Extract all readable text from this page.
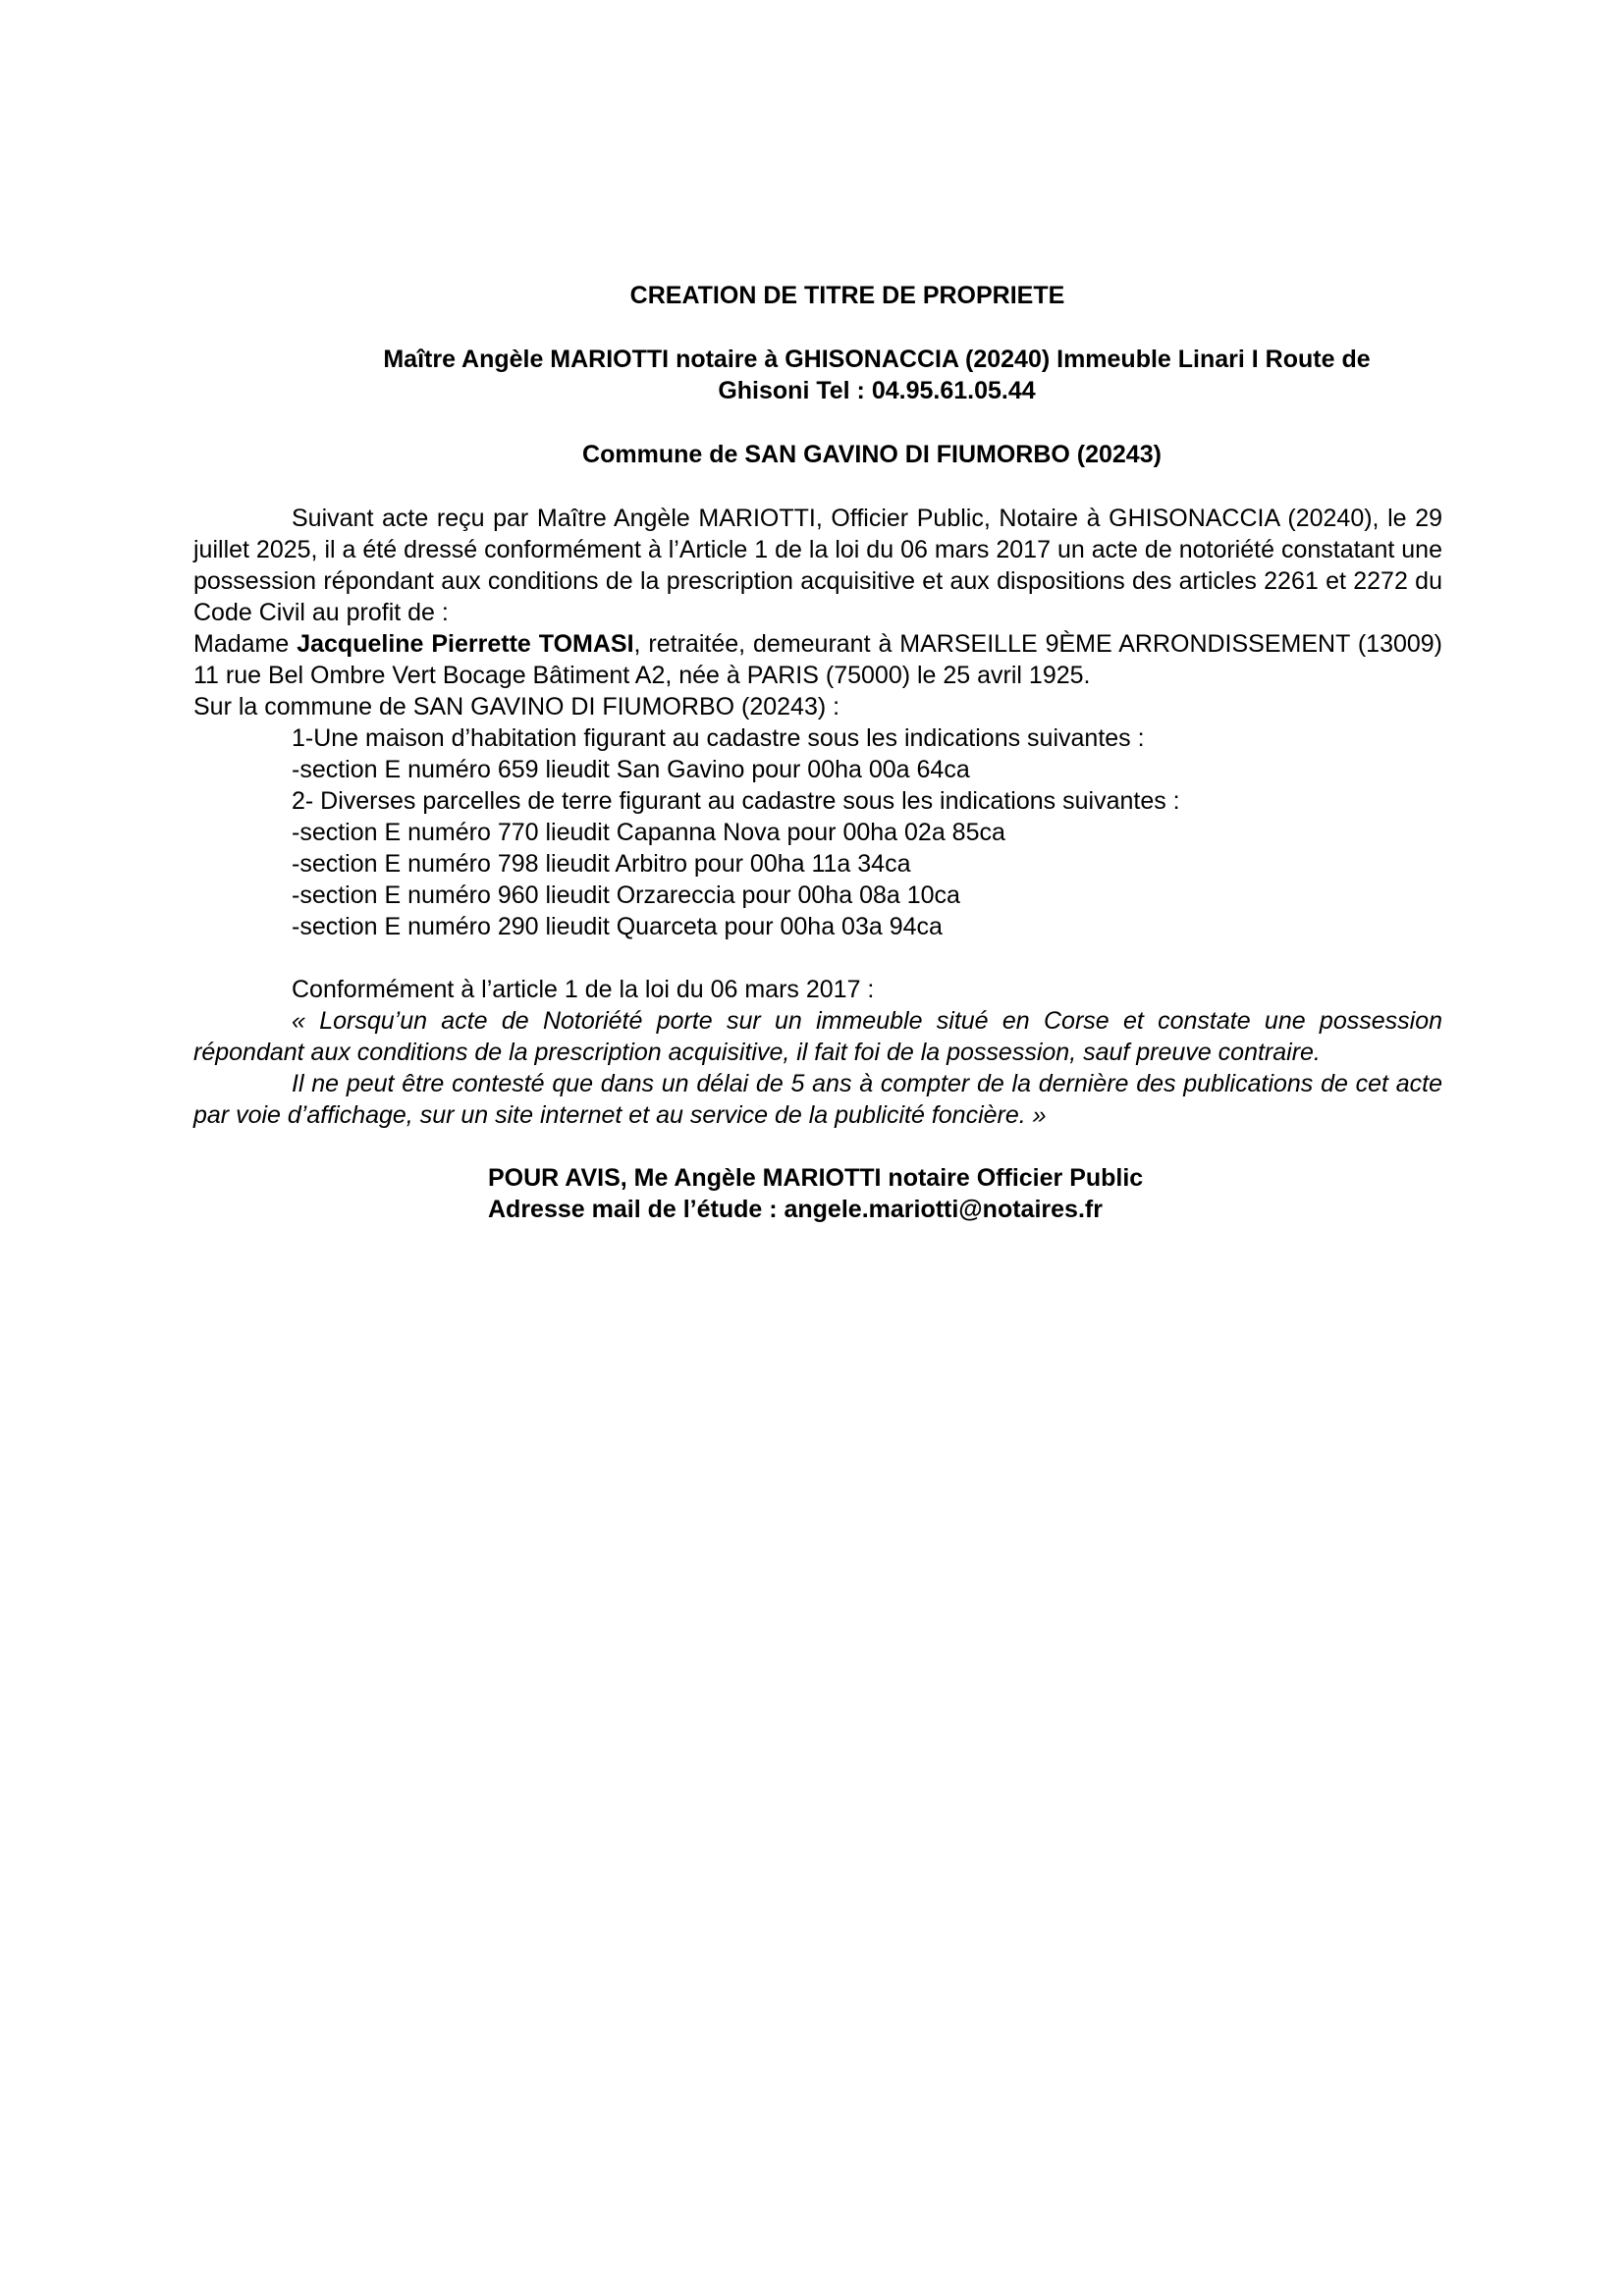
CREATION DE TITRE DE PROPRIETE

Maître Angèle MARIOTTI notaire à GHISONACCIA (20240) Immeuble Linari I Route de
Ghisoni Tel : 04.95.61.05.44
Commune de SAN GAVINO DI FIUMORBO (20243)
Suivant acte reçu par Maître Angèle MARIOTTI, Officier Public, Notaire à GHISONACCIA (20240), le 29 juillet 2025, il a été dressé conformément à l’Article 1 de la loi du 06 mars 2017 un acte de notoriété constatant une possession répondant aux conditions de la prescription acquisitive et aux dispositions des articles 2261 et 2272 du Code Civil au profit de :
Madame Jacqueline Pierrette TOMASI, retraitée, demeurant à MARSEILLE 9ÈME ARRONDISSEMENT (13009) 11 rue Bel Ombre Vert Bocage Bâtiment A2, née à PARIS (75000) le 25 avril 1925.
Sur la commune de SAN GAVINO DI FIUMORBO (20243) :
1-Une maison d’habitation figurant au cadastre sous les indications suivantes :
-section E numéro 659 lieudit San Gavino pour 00ha 00a 64ca
2- Diverses parcelles de terre figurant au cadastre sous les indications suivantes :
-section E numéro 770 lieudit Capanna Nova pour 00ha 02a 85ca
-section E numéro 798 lieudit Arbitro pour 00ha 11a 34ca
-section E numéro 960 lieudit Orzareccia pour 00ha 08a 10ca
-section E numéro 290 lieudit Quarceta pour 00ha 03a 94ca
Conformément à l’article 1 de la loi du 06 mars 2017 :
« Lorsqu’un acte de Notoriété porte sur un immeuble situé en Corse et constate une possession répondant aux conditions de la prescription acquisitive, il fait foi de la possession, sauf preuve contraire.
Il ne peut être contesté que dans un délai de 5 ans à compter de la dernière des publications de cet acte par voie d’affichage, sur un site internet et au service de la publicité foncière. »
POUR AVIS, Me Angèle MARIOTTI notaire Officier Public
Adresse mail de l’étude : angele.mariotti@notaires.fr
